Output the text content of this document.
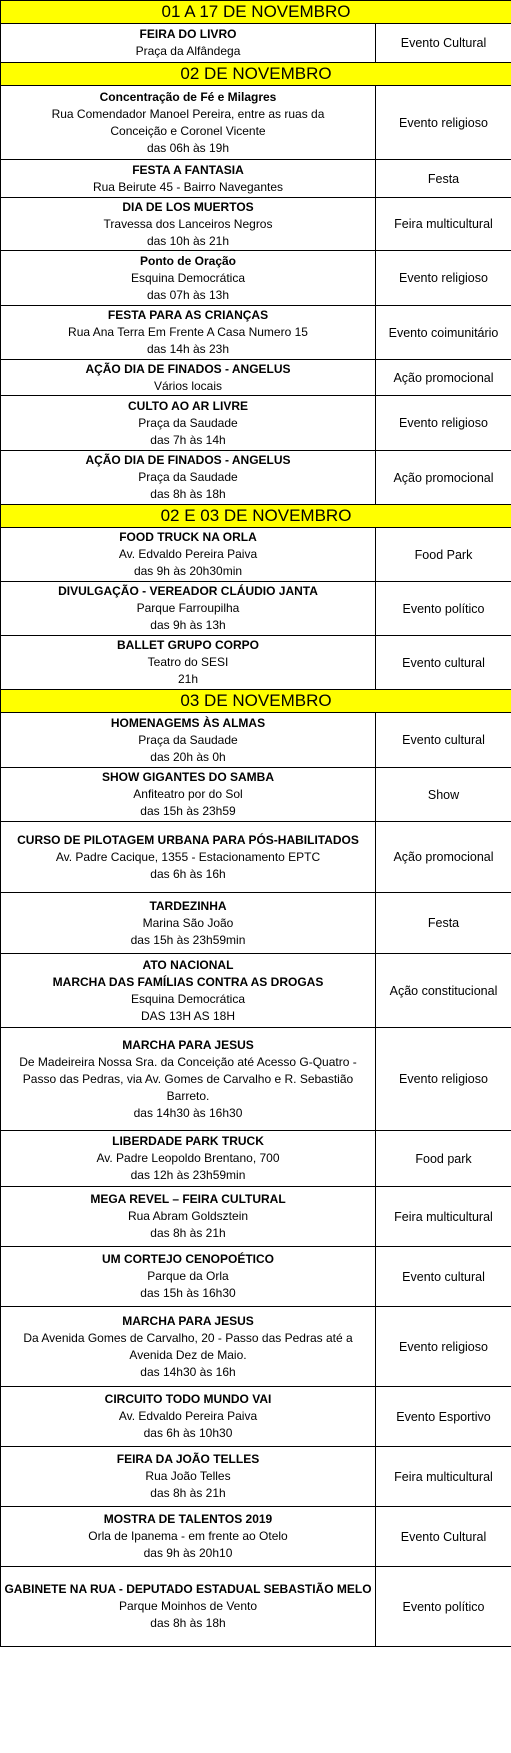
01 A 17 DE NOVEMBRO	

FEIRA DO LIVRO
Praça da Alfândega	Evento Cultural
02 DE NOVEMBRO	

Concentração de Fé e Milagres
Rua Comendador Manoel Pereira, entre as ruas da
Conceição e Coronel Vicente
das 06h às 19h	Evento religioso

FESTA A FANTASIA
Rua Beirute 45 - Bairro Navegantes	Festa

DIA DE LOS MUERTOS
Travessa dos Lanceiros Negros
das 10h às 21h	Feira multicultural

Ponto de Oração
Esquina Democrática
das 07h às 13h	Evento religioso

FESTA PARA AS CRIANÇAS
Rua Ana Terra Em Frente A Casa Numero 15
das 14h às 23h	Evento coimunitário

AÇÃO DIA DE FINADOS - ANGELUS
Vários locais	Ação promocional

CULTO AO AR LIVRE
Praça da Saudade
das 7h às 14h	Evento religioso

AÇÃO DIA DE FINADOS - ANGELUS
Praça da Saudade
das 8h às 18h	Ação promocional
02 E 03 DE NOVEMBRO	

FOOD TRUCK NA ORLA
Av. Edvaldo Pereira Paiva
das 9h às 20h30min	Food Park

DIVULGAÇÃO - VEREADOR CLÁUDIO JANTA
Parque Farroupilha
das 9h às 13h	Evento político

BALLET GRUPO CORPO
Teatro do SESI
21h	Evento cultural
03 DE NOVEMBRO	

HOMENAGEMS ÀS ALMAS
Praça da Saudade
das 20h às 0h	Evento cultural

SHOW GIGANTES DO SAMBA
Anfiteatro por do Sol
das 15h às 23h59	Show

CURSO DE PILOTAGEM URBANA PARA PÓS-HABILITADOS
Av. Padre Cacique, 1355 - Estacionamento EPTC
das 6h às 16h	Ação promocional

TARDEZINHA
Marina São João
das 15h às 23h59min	Festa

ATO NACIONAL
MARCHA DAS FAMÍLIAS CONTRA AS DROGAS
Esquina Democrática
DAS 13H AS 18H	Ação constitucional

MARCHA PARA JESUS
De Madeireira Nossa Sra. da Conceição até Acesso G-Quatro -
Passo das Pedras, via Av. Gomes de Carvalho e R. Sebastião
Barreto.
das 14h30 às 16h30	Evento religioso

LIBERDADE PARK TRUCK
Av. Padre Leopoldo Brentano, 700
das 12h às 23h59min	Food park

MEGA REVEL – FEIRA CULTURAL
Rua Abram Goldsztein
das 8h às 21h	Feira multicultural

UM CORTEJO CENOPOÉTICO
Parque da Orla
das 15h às 16h30	Evento cultural

MARCHA PARA JESUS
Da Avenida Gomes de Carvalho, 20 - Passo das Pedras até a
Avenida Dez de Maio.
das 14h30 às 16h	Evento religioso

CIRCUITO TODO MUNDO VAI
Av. Edvaldo Pereira Paiva
das 6h às 10h30	Evento Esportivo

FEIRA DA JOÃO TELLES
Rua João Telles
das 8h às 21h	Feira multicultural

MOSTRA DE TALENTOS 2019
Orla de Ipanema - em frente ao Otelo
das 9h às 20h10	Evento Cultural

GABINETE NA RUA - DEPUTADO ESTADUAL SEBASTIÃO MELO
Parque Moinhos de Vento
das 8h às 18h	Evento político
